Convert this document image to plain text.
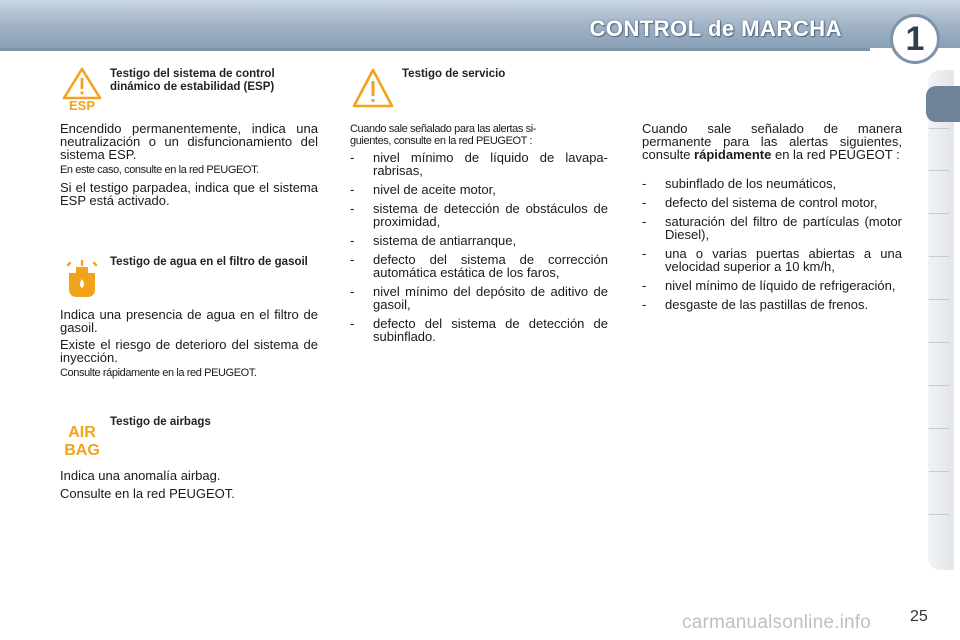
CONTROL de MARCHA	1
ESP
Testigo del sistema de control dinámico de estabilidad (ESP)

Encendido permanentemente, indica una neutralización o un disfuncionamiento del sistema ESP.

En este caso, consulte en la red PEUGEOT.

Si el testigo parpadea, indica que el sistema ESP está activado.

Testigo de agua en el filtro de gasoil

Indica una presencia de agua en el filtro de gasoil.

Existe el riesgo de deterioro del sistema de inyección.

Consulte rápidamente en la red PEUGEOT.
AIR
BAG
Testigo de airbags

Indica una anomalía airbag.

Consulte en la red PEUGEOT.

Testigo de servicio
Cuando sale señalado para las alertas si-
guientes, consulte en la red PEUGEOT :
- nivel mínimo de líquido de lavaparabrisas,
- nivel de aceite motor,
- sistema de detección de obstáculos de proximidad,
- sistema de antiarranque,
- defecto del sistema de corrección automática estática de los faros,
- nivel mínimo del depósito de aditivo de gasoil,
- defecto del sistema de detección de subinflado.

Cuando sale señalado de manera permanente para las alertas siguientes, consulte rápidamente en la red PEUGEOT :

- subinflado de los neumáticos,
- defecto del sistema de control motor,
- saturación del filtro de partículas (motor Diesel),
- una o varias puertas abiertas a una velocidad superior a 10 km/h,
- nivel mínimo de líquido de refrigeración,
- desgaste de las pastillas de frenos.
25
carmanualsonline.info
